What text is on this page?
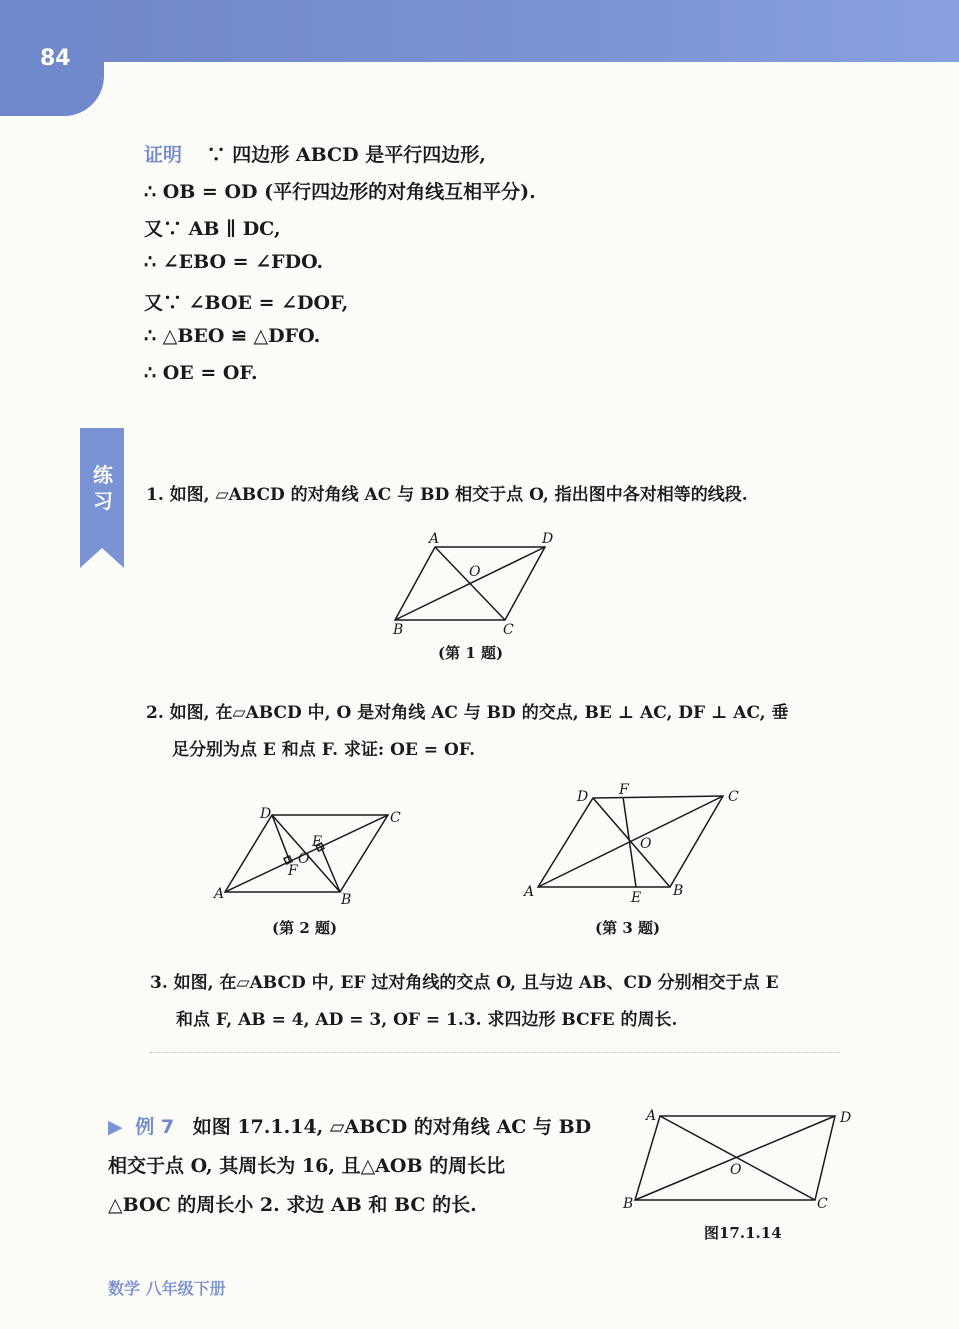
84
证明 ∵ 四边形 ABCD 是平行四边形,
∴ OB = OD (平行四边形的对角线互相平分).
又∵ AB ∥ DC,
∴ ∠EBO = ∠FDO.
又∵ ∠BOE = ∠DOF,
∴ △BEO ≌ △DFO.
∴ OE = OF.
练习 1. 如图, ▱ABCD 的对角线 AC 与 BD 相交于点 O, 指出图中各对相等的线段.
A	D
O
B	C
(第 1 题)
2. 如图, 在▱ABCD 中, O 是对角线 AC 与 BD 的交点, BE ⊥ AC, DF ⊥ AC, 垂
足分别为点 E 和点 F. 求证: OE = OF.
D	C
E
O
F
A	B
(第 2 题)
D F	C
O
A	E B
(第 3 题)
3. 如图, 在▱ABCD 中, EF 过对角线的交点 O, 且与边 AB、CD 分别相交于点 E
和点 F, AB = 4, AD = 3, OF = 1.3. 求四边形 BCFE 的周长.
▶ 例 7 如图 17.1.14, ▱ABCD 的对角线 AC 与 BD
相交于点 O, 其周长为 16, 且△AOB 的周长比
△BOC 的周长小 2. 求边 AB 和 BC 的长.
A	D
O
B	C
图17.1.14
数学 八年级下册
